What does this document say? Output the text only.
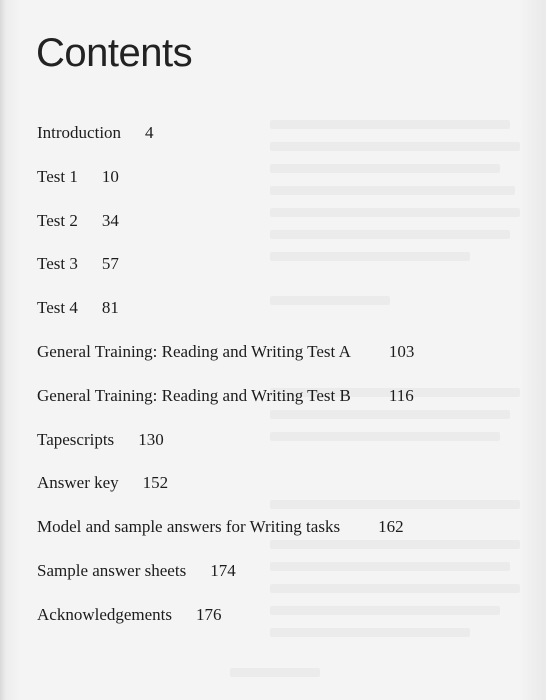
Contents
Introduction 4
Test 1 10
Test 2 34
Test 3 57
Test 4 81
General Training: Reading and Writing Test A 103
General Training: Reading and Writing Test B 116
Tapescripts 130
Answer key 152
Model and sample answers for Writing tasks 162
Sample answer sheets 174
Acknowledgements 176
